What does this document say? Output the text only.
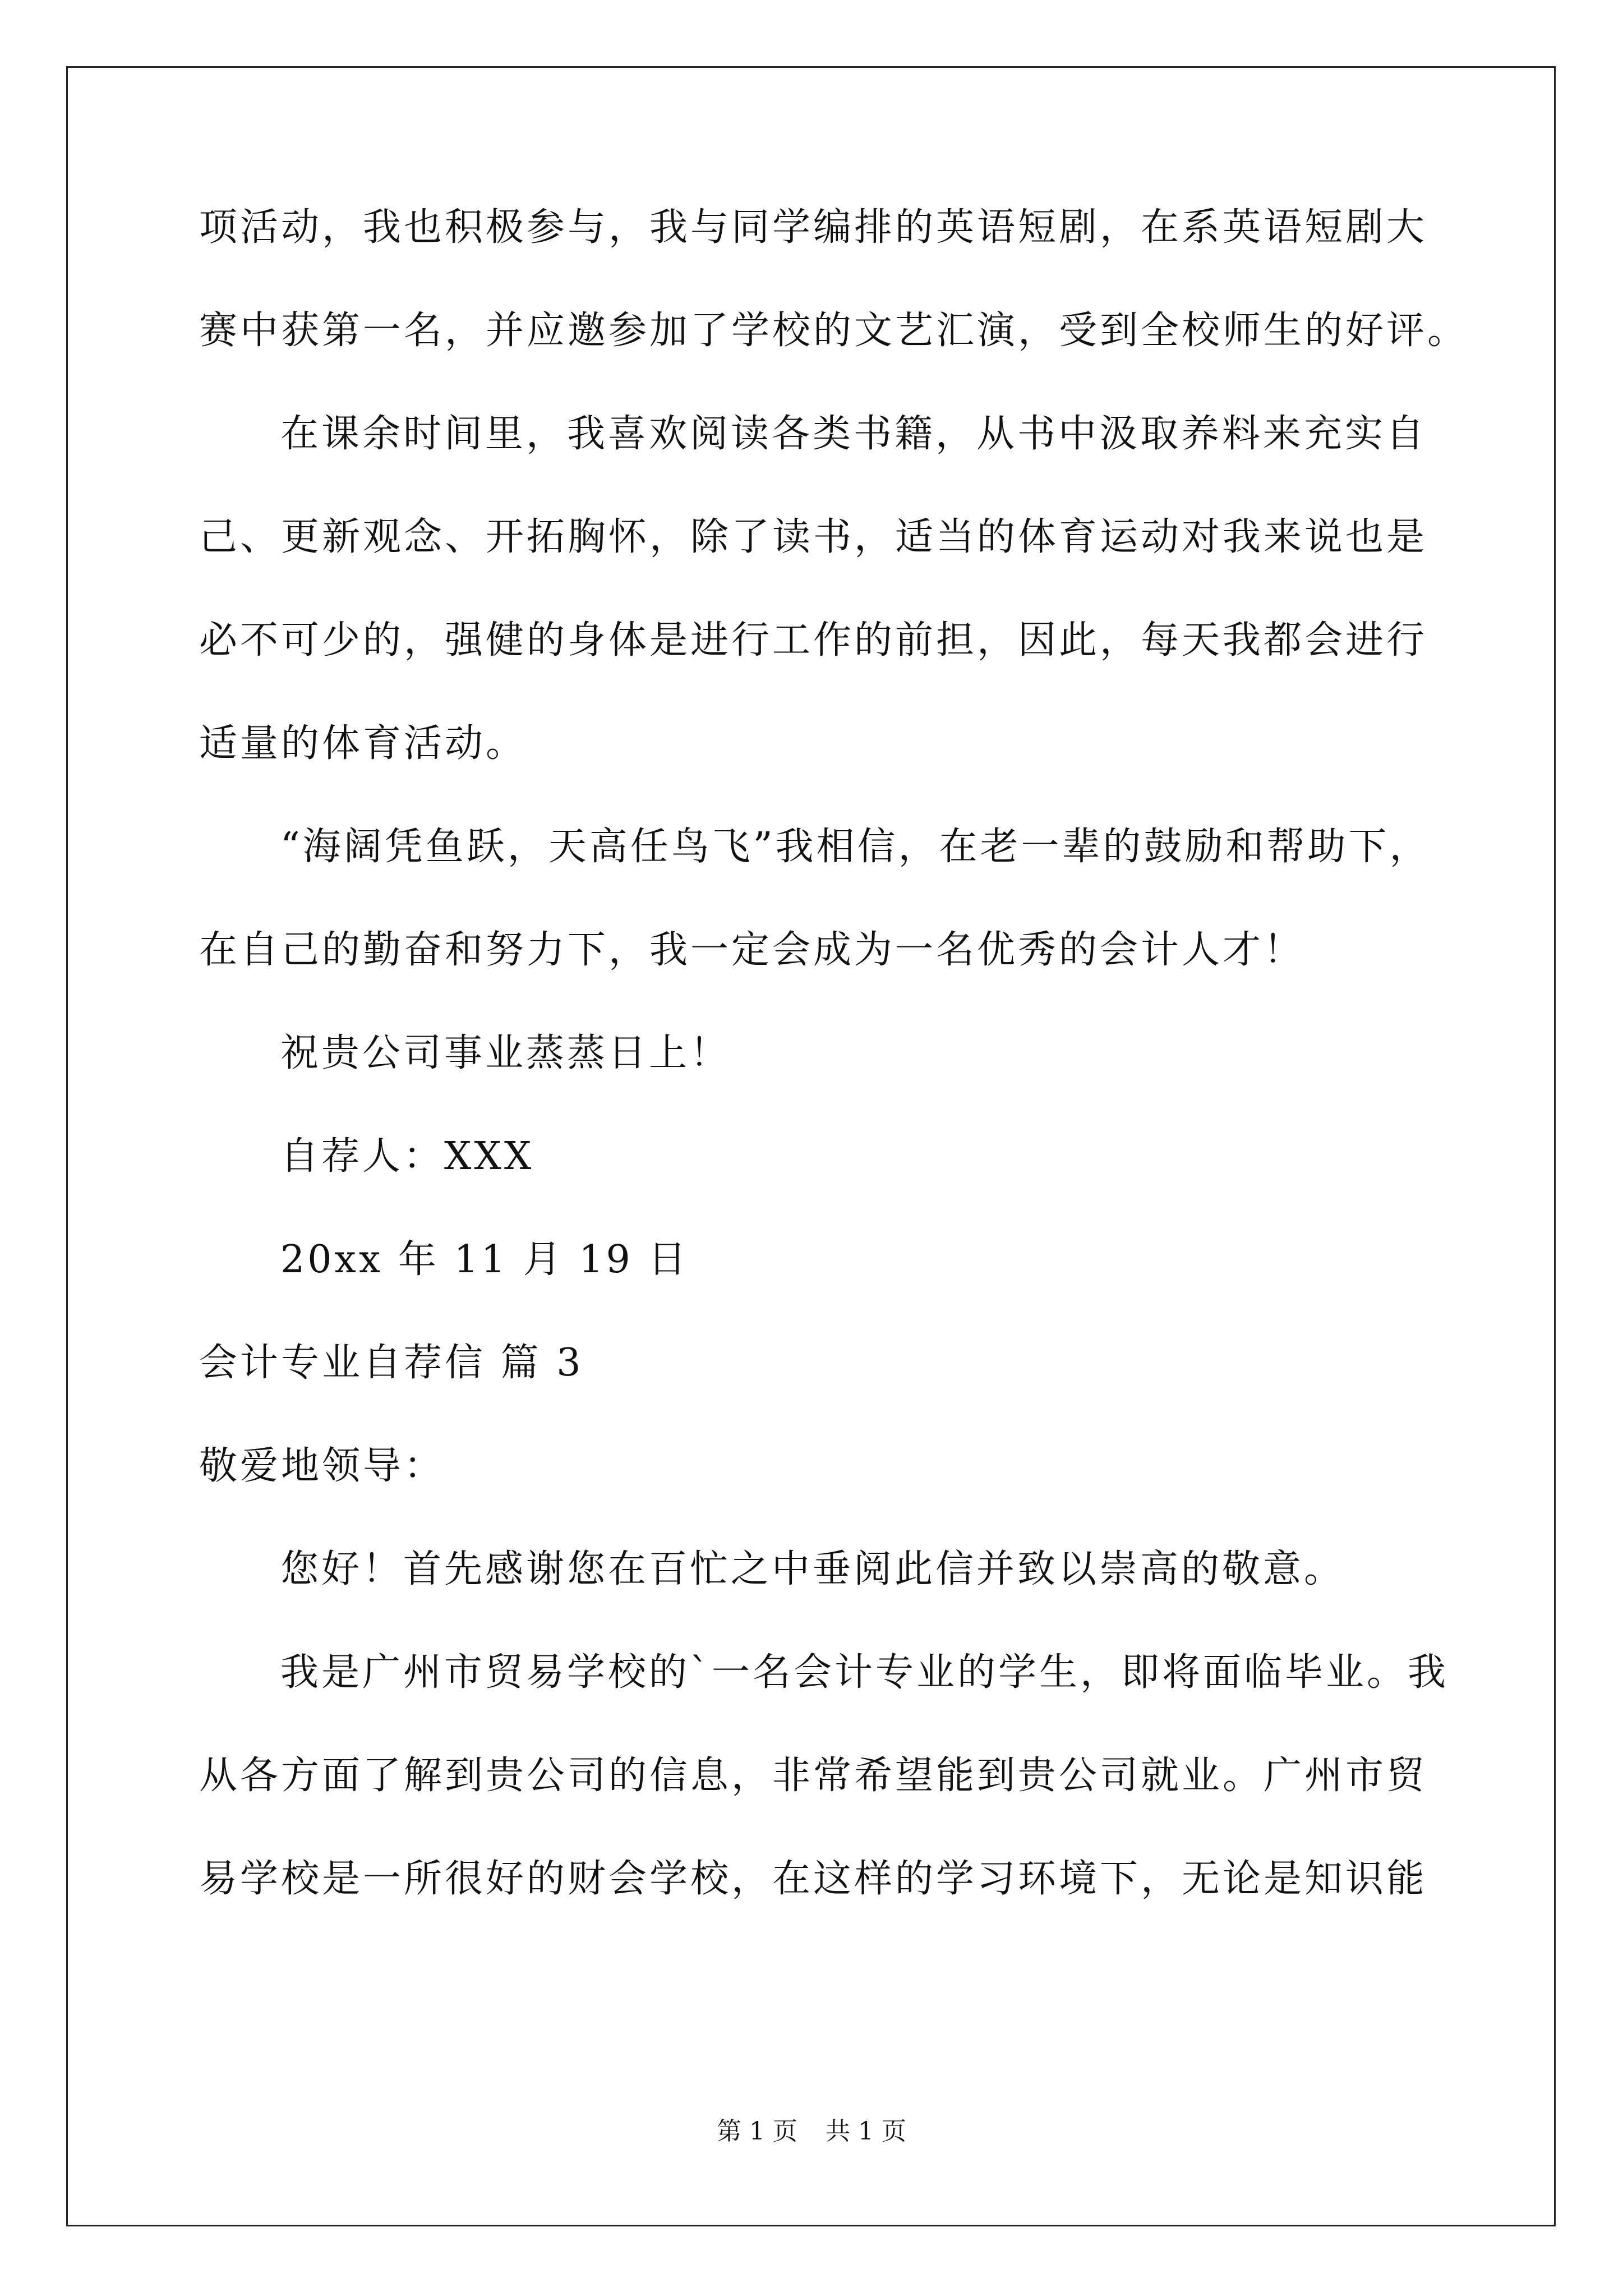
项活动，我也积极参与，我与同学编排的英语短剧，在系英语短剧大
赛中获第一名，并应邀参加了学校的文艺汇演，受到全校师生的好评。
在课余时间里，我喜欢阅读各类书籍，从书中汲取养料来充实自
己、更新观念、开拓胸怀，除了读书，适当的体育运动对我来说也是
必不可少的，强健的身体是进行工作的前担，因此，每天我都会进行
适量的体育活动。
“海阔凭鱼跃，天高任鸟飞”我相信，在老一辈的鼓励和帮助下，
在自己的勤奋和努力下，我一定会成为一名优秀的会计人才！
祝贵公司事业蒸蒸日上！
自荐人：XXX
20xx 年 11 月 19 日
会计专业自荐信 篇 3
敬爱地领导：
您好！首先感谢您在百忙之中垂阅此信并致以崇高的敬意。
我是广州市贸易学校的`一名会计专业的学生，即将面临毕业。我
从各方面了解到贵公司的信息，非常希望能到贵公司就业。广州市贸
易学校是一所很好的财会学校，在这样的学习环境下，无论是知识能
第 1 页 共 1 页
